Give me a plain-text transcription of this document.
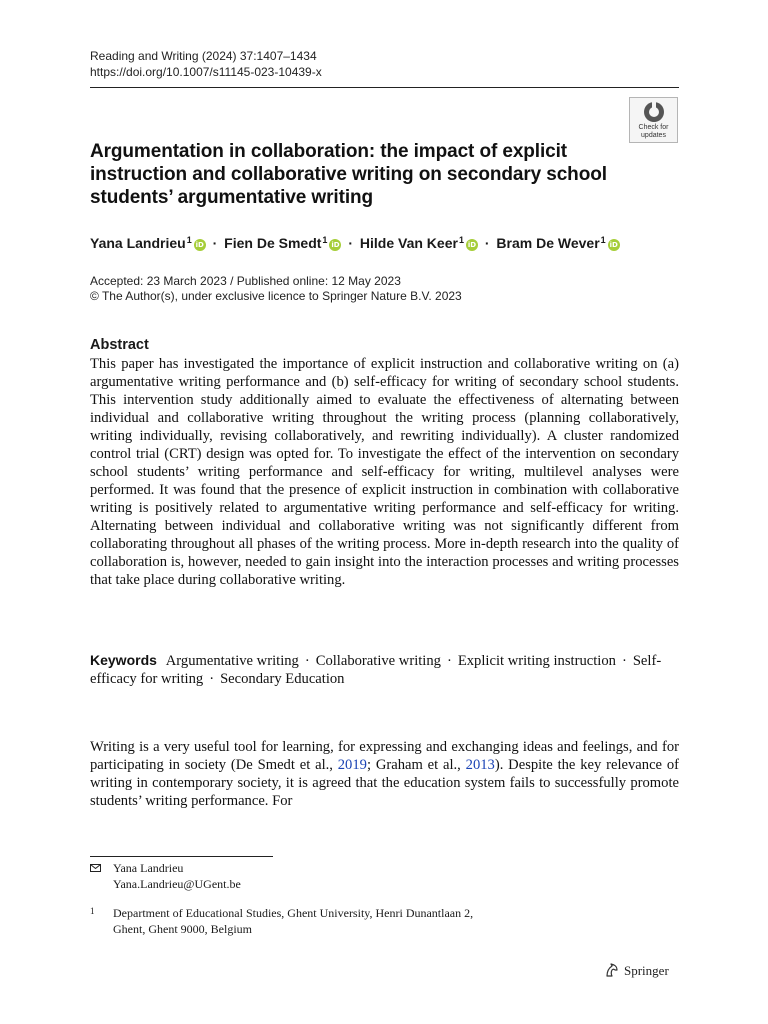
Reading and Writing (2024) 37:1407–1434
https://doi.org/10.1007/s11145-023-10439-x
Check for
updates
Argumentation in collaboration: the impact of explicit instruction and collaborative writing on secondary school students’ argumentative writing
Yana Landrieu$^1$ iD · Fien De Smedt$^1$ iD · Hilde Van Keer$^1$ iD · Bram De Wever$^1$ iD
Accepted: 23 March 2023 / Published online: 12 May 2023
© The Author(s), under exclusive licence to Springer Nature B.V. 2023
Abstract
This paper has investigated the importance of explicit instruction and collaborative writing on (a) argumentative writing performance and (b) self-efficacy for writing of secondary school students. This intervention study additionally aimed to evaluate the effectiveness of alternating between individual and collaborative writing throughout the writing process (planning collaboratively, writing individually, revising collaboratively, and rewriting individually). A cluster randomized control trial (CRT) design was opted for. To investigate the effect of the intervention on secondary school students’ writing performance and self-efficacy for writing, multilevel analyses were performed. It was found that the presence of explicit instruction in combination with collaborative writing is positively related to argumentative writing performance and self-efficacy for writing. Alternating between individual and collaborative writing was not significantly different from collaborating throughout all phases of the writing process. More in-depth research into the quality of collaboration is, however, needed to gain insight into the interaction processes and writing processes that take place during collaborative writing.
Keywords Argumentative writing · Collaborative writing · Explicit writing instruction · Self-efficacy for writing · Secondary Education
Writing is a very useful tool for learning, for expressing and exchanging ideas and feelings, and for participating in society (De Smedt et al., 2019; Graham et al., 2013). Despite the key relevance of writing in contemporary society, it is agreed that the education system fails to successfully promote students’ writing performance. For
Yana Landrieu
Yana.Landrieu@UGent.be
1 Department of Educational Studies, Ghent University, Henri Dunantlaan 2,
Ghent, Ghent 9000, Belgium
Springer
